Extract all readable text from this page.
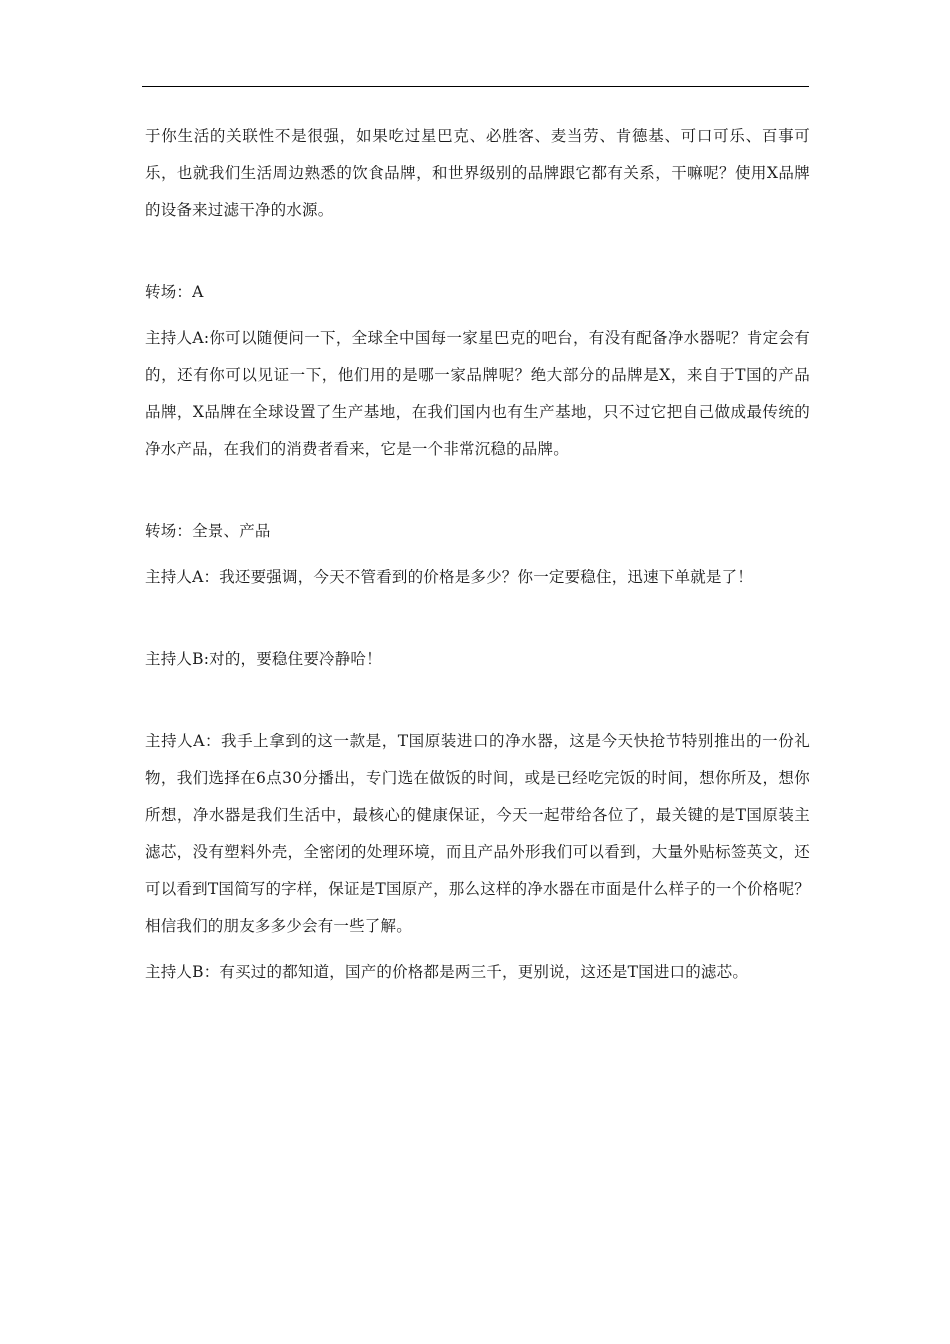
于你生活的关联性不是很强，如果吃过星巴克、必胜客、麦当劳、肯德基、可口可乐、百事可乐，也就我们生活周边熟悉的饮食品牌，和世界级别的品牌跟它都有关系，干嘛呢？使用X品牌的设备来过滤干净的水源。

转场：A

主持人A:你可以随便问一下，全球全中国每一家星巴克的吧台，有没有配备净水器呢？肯定会有的，还有你可以见证一下，他们用的是哪一家品牌呢？绝大部分的品牌是X，来自于T国的产品品牌，X品牌在全球设置了生产基地，在我们国内也有生产基地，只不过它把自己做成最传统的净水产品，在我们的消费者看来，它是一个非常沉稳的品牌。

转场：全景、产品

主持人A：我还要强调，今天不管看到的价格是多少？你一定要稳住，迅速下单就是了！

主持人B:对的，要稳住要冷静哈！

主持人A：我手上拿到的这一款是，T国原装进口的净水器，这是今天快抢节特别推出的一份礼物，我们选择在6点30分播出，专门选在做饭的时间，或是已经吃完饭的时间，想你所及，想你所想，净水器是我们生活中，最核心的健康保证，今天一起带给各位了，最关键的是T国原装主滤芯，没有塑料外壳，全密闭的处理环境，而且产品外形我们可以看到，大量外贴标签英文，还可以看到T国简写的字样，保证是T国原产，那么这样的净水器在市面是什么样子的一个价格呢？相信我们的朋友多多少会有一些了解。

主持人B：有买过的都知道，国产的价格都是两三千，更别说，这还是T国进口的滤芯。
